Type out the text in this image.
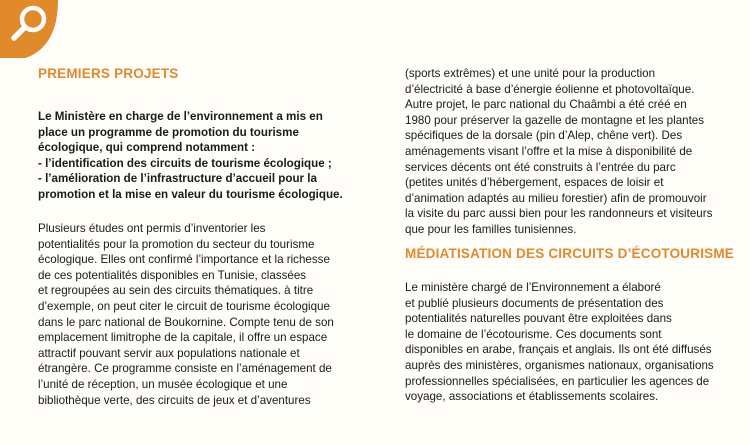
PREMIERS PROJETS
Le Ministère en charge de l’environnement a mis en
place un programme de promotion du tourisme
écologique, qui comprend notamment :
- l’identification des circuits de tourisme écologique ;
- l’amélioration de l’infrastructure d’accueil pour la
promotion et la mise en valeur du tourisme écologique.
Plusieurs études ont permis d’inventorier les
potentialités pour la promotion du secteur du tourisme
écologique. Elles ont confirmé l’importance et la richesse
de ces potentialités disponibles en Tunisie, classées
et regroupées au sein des circuits thématiques. à titre
d’exemple, on peut citer le circuit de tourisme écologique
dans le parc national de Boukornine. Compte tenu de son
emplacement limitrophe de la capitale, il offre un espace
attractif pouvant servir aux populations nationale et
étrangère. Ce programme consiste en l’aménagement de
l’unité de réception, un musée écologique et une
bibliothèque verte, des circuits de jeux et d’aventures
(sports extrêmes) et une unité pour la production
d’électricité à base d’énergie éolienne et photovoltaïque.
Autre projet, le parc national du Chaâmbi a été créé en
1980 pour préserver la gazelle de montagne et les plantes
spécifiques de la dorsale (pin d’Alep, chêne vert). Des
aménagements visant l’offre et la mise à disponibilité de
services décents ont été construits à l’entrée du parc
(petites unités d’hébergement, espaces de loisir et
d’animation adaptés au milieu forestier) afin de promouvoir
la visite du parc aussi bien pour les randonneurs et visiteurs
que pour les familles tunisiennes.
MÉDIATISATION DES CIRCUITS D’ÉCOTOURISME
Le ministère chargé de l’Environnement a élaboré
et publié plusieurs documents de présentation des
potentialités naturelles pouvant être exploitées dans
le domaine de l’écotourisme. Ces documents sont
disponibles en arabe, français et anglais. Ils ont été diffusés
auprès des ministères, organismes nationaux, organisations
professionnelles spécialisées, en particulier les agences de
voyage, associations et établissements scolaires.
